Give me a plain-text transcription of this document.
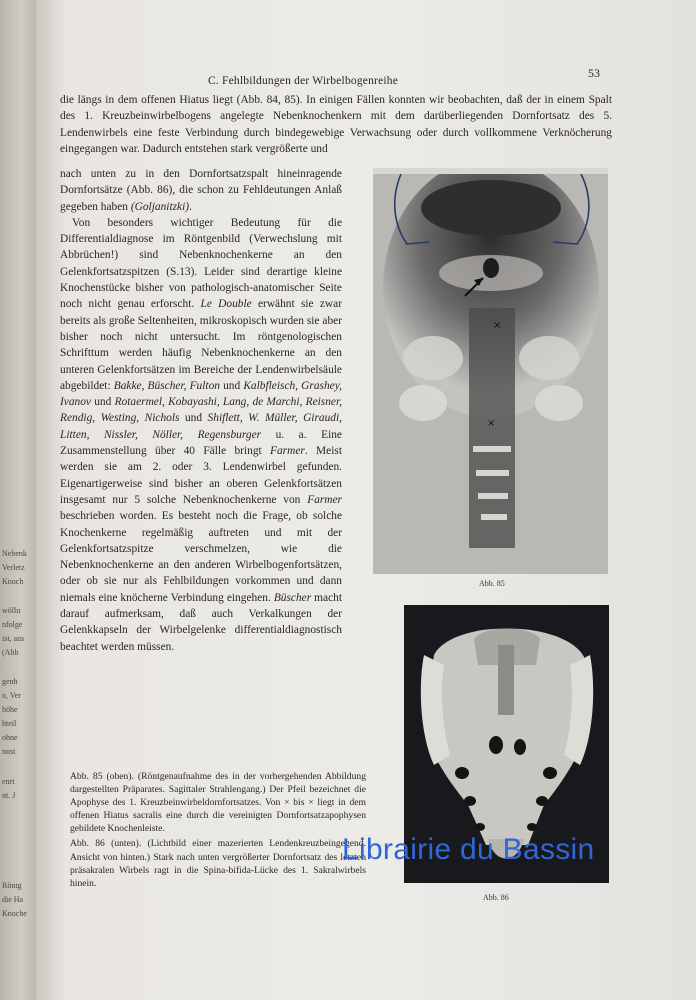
Nebenk
Verletz
Knoch
wöllu
nfolge
ist, aus
(Abb
genh
n, Ver
höhe
hteil
ohne
nnst
enrt
nt. J
Röntg
die Ha
Knoche
C. Fehlbildungen der Wirbelbogenreihe
53

die längs in dem offenen Hiatus liegt (Abb. 84, 85). In einigen Fällen konnten wir beobachten, daß der in einem Spalt des 1. Kreuzbeinwirbelbogens angelegte Nebenknochenkern mit dem darüberliegenden Dornfortsatz des 5. Lendenwirbels eine feste Verbindung durch bindegewebige Verwachsung oder durch vollkommene Verknöcherung eingegangen war. Dadurch entstehen stark vergrößerte und

nach unten zu in den Dornfortsatzspalt hineinragende Dornfortsätze (Abb. 86), die schon zu Fehldeutungen Anlaß gegeben haben (Goljanitzki).

Von besonders wichtiger Bedeutung für die Differentialdiagnose im Röntgenbild (Verwechslung mit Abbrüchen!) sind Nebenknochenkerne an den Gelenkfortsatzspitzen (S.13). Leider sind derartige kleine Knochenstücke bisher von pathologisch-anatomischer Seite noch nicht genau erforscht. Le Double erwähnt sie zwar bereits als große Seltenheiten, mikroskopisch wurden sie aber bisher noch nicht untersucht. Im röntgenologischen Schrifttum werden häufig Nebenknochenkerne an den unteren Gelenkfortsätzen im Bereiche der Lendenwirbelsäule abgebildet: Bakke, Büscher, Fulton und Kalbfleisch, Grashey, Ivanov und Rotaermel, Kobayashi, Lang, de Marchi, Reisner, Rendig, Westing, Nichols und Shiflett, W. Müller, Giraudi, Litten, Nissler, Nöller, Regensburger u. a. Eine Zusammenstellung über 40 Fälle bringt Farmer. Meist werden sie am 2. oder 3. Lendenwirbel gefunden. Eigenartigerweise sind bisher an oberen Gelenkfortsätzen insgesamt nur 5 solche Nebenknochenkerne von Farmer beschrieben worden. Es besteht noch die Frage, ob solche Knochenkerne regelmäßig auftreten und mit der Gelenkfortsatzspitze verschmelzen, wie die Nebenknochenkerne an den anderen Wirbelbogenfortsätzen, oder ob sie nur als Fehlbildungen vorkommen und dann niemals eine knöcherne Verbindung eingehen. Büscher macht darauf aufmerksam, daß auch Verkalkungen der Gelenkkapseln der Wirbelgelenke differentialdiagnostisch beachtet werden müssen.

×
×
Abb. 85
Abb. 86

Abb. 85 (oben). (Röntgenaufnahme des in der vorhergehenden Abbildung dargestellten Präparates. Sagittaler Strahlengang.) Der Pfeil bezeichnet die Apophyse des 1. Kreuzbeinwirbeldornfortsatzes. Von × bis × liegt in dem offenen Hiatus sacralis eine durch die vereinigten Dornfortsatzapophysen gebildete Knochenleiste.

Abb. 86 (unten). (Lichtbild einer mazerierten Lendenkreuzbeingegend. Ansicht von hinten.) Stark nach unten vergrößerter Dornfortsatz des letzten präsakralen Wirbels ragt in die Spina-bifida-Lücke des 1. Sakralwirbels hinein.

Librairie du Bassin
